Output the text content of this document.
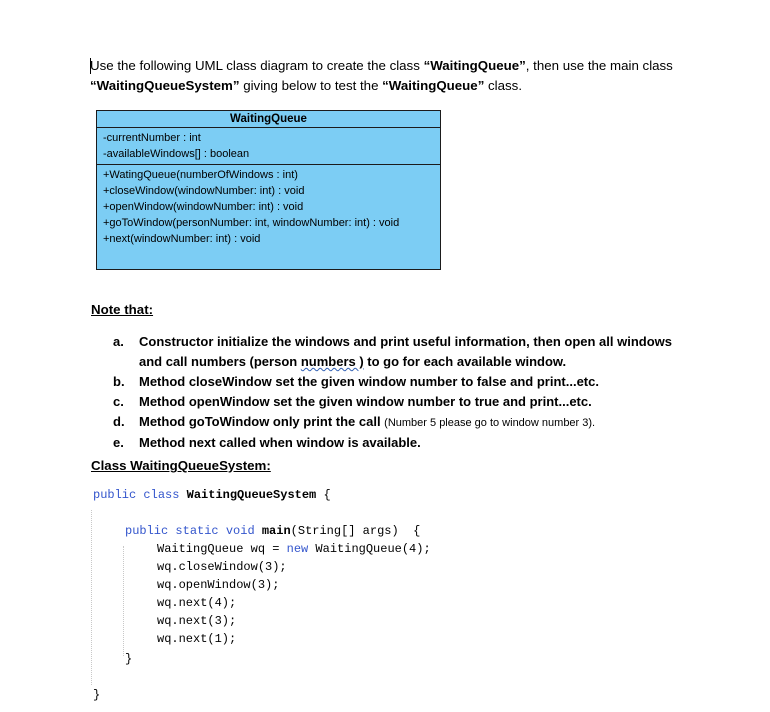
Use the following UML class diagram to create the class “WaitingQueue”, then use the main class
“WaitingQueueSystem” giving below to test the “WaitingQueue” class.
WaitingQueue
-currentNumber : int
-availableWindows[] : boolean
+WatingQueue(numberOfWindows : int)
+closeWindow(windowNumber: int) : void
+openWindow(windowNumber: int) : void
+goToWindow(personNumber: int, windowNumber: int) : void
+next(windowNumber: int) : void
Note that:
a. Constructor initialize the windows and print useful information, then open all windows
and call numbers (person numbers ) to go for each available window.
b. Method closeWindow set the given window number to false and print...etc.
c. Method openWindow set the given window number to true and print...etc.
d. Method goToWindow only print the call (Number 5 please go to window number 3).
e. Method next called when window is available.
Class WaitingQueueSystem:
public class WaitingQueueSystem {
public static void main(String[] args)  {
WaitingQueue wq = new WaitingQueue(4);
wq.closeWindow(3);
wq.openWindow(3);
wq.next(4);
wq.next(3);
wq.next(1);
}
}
